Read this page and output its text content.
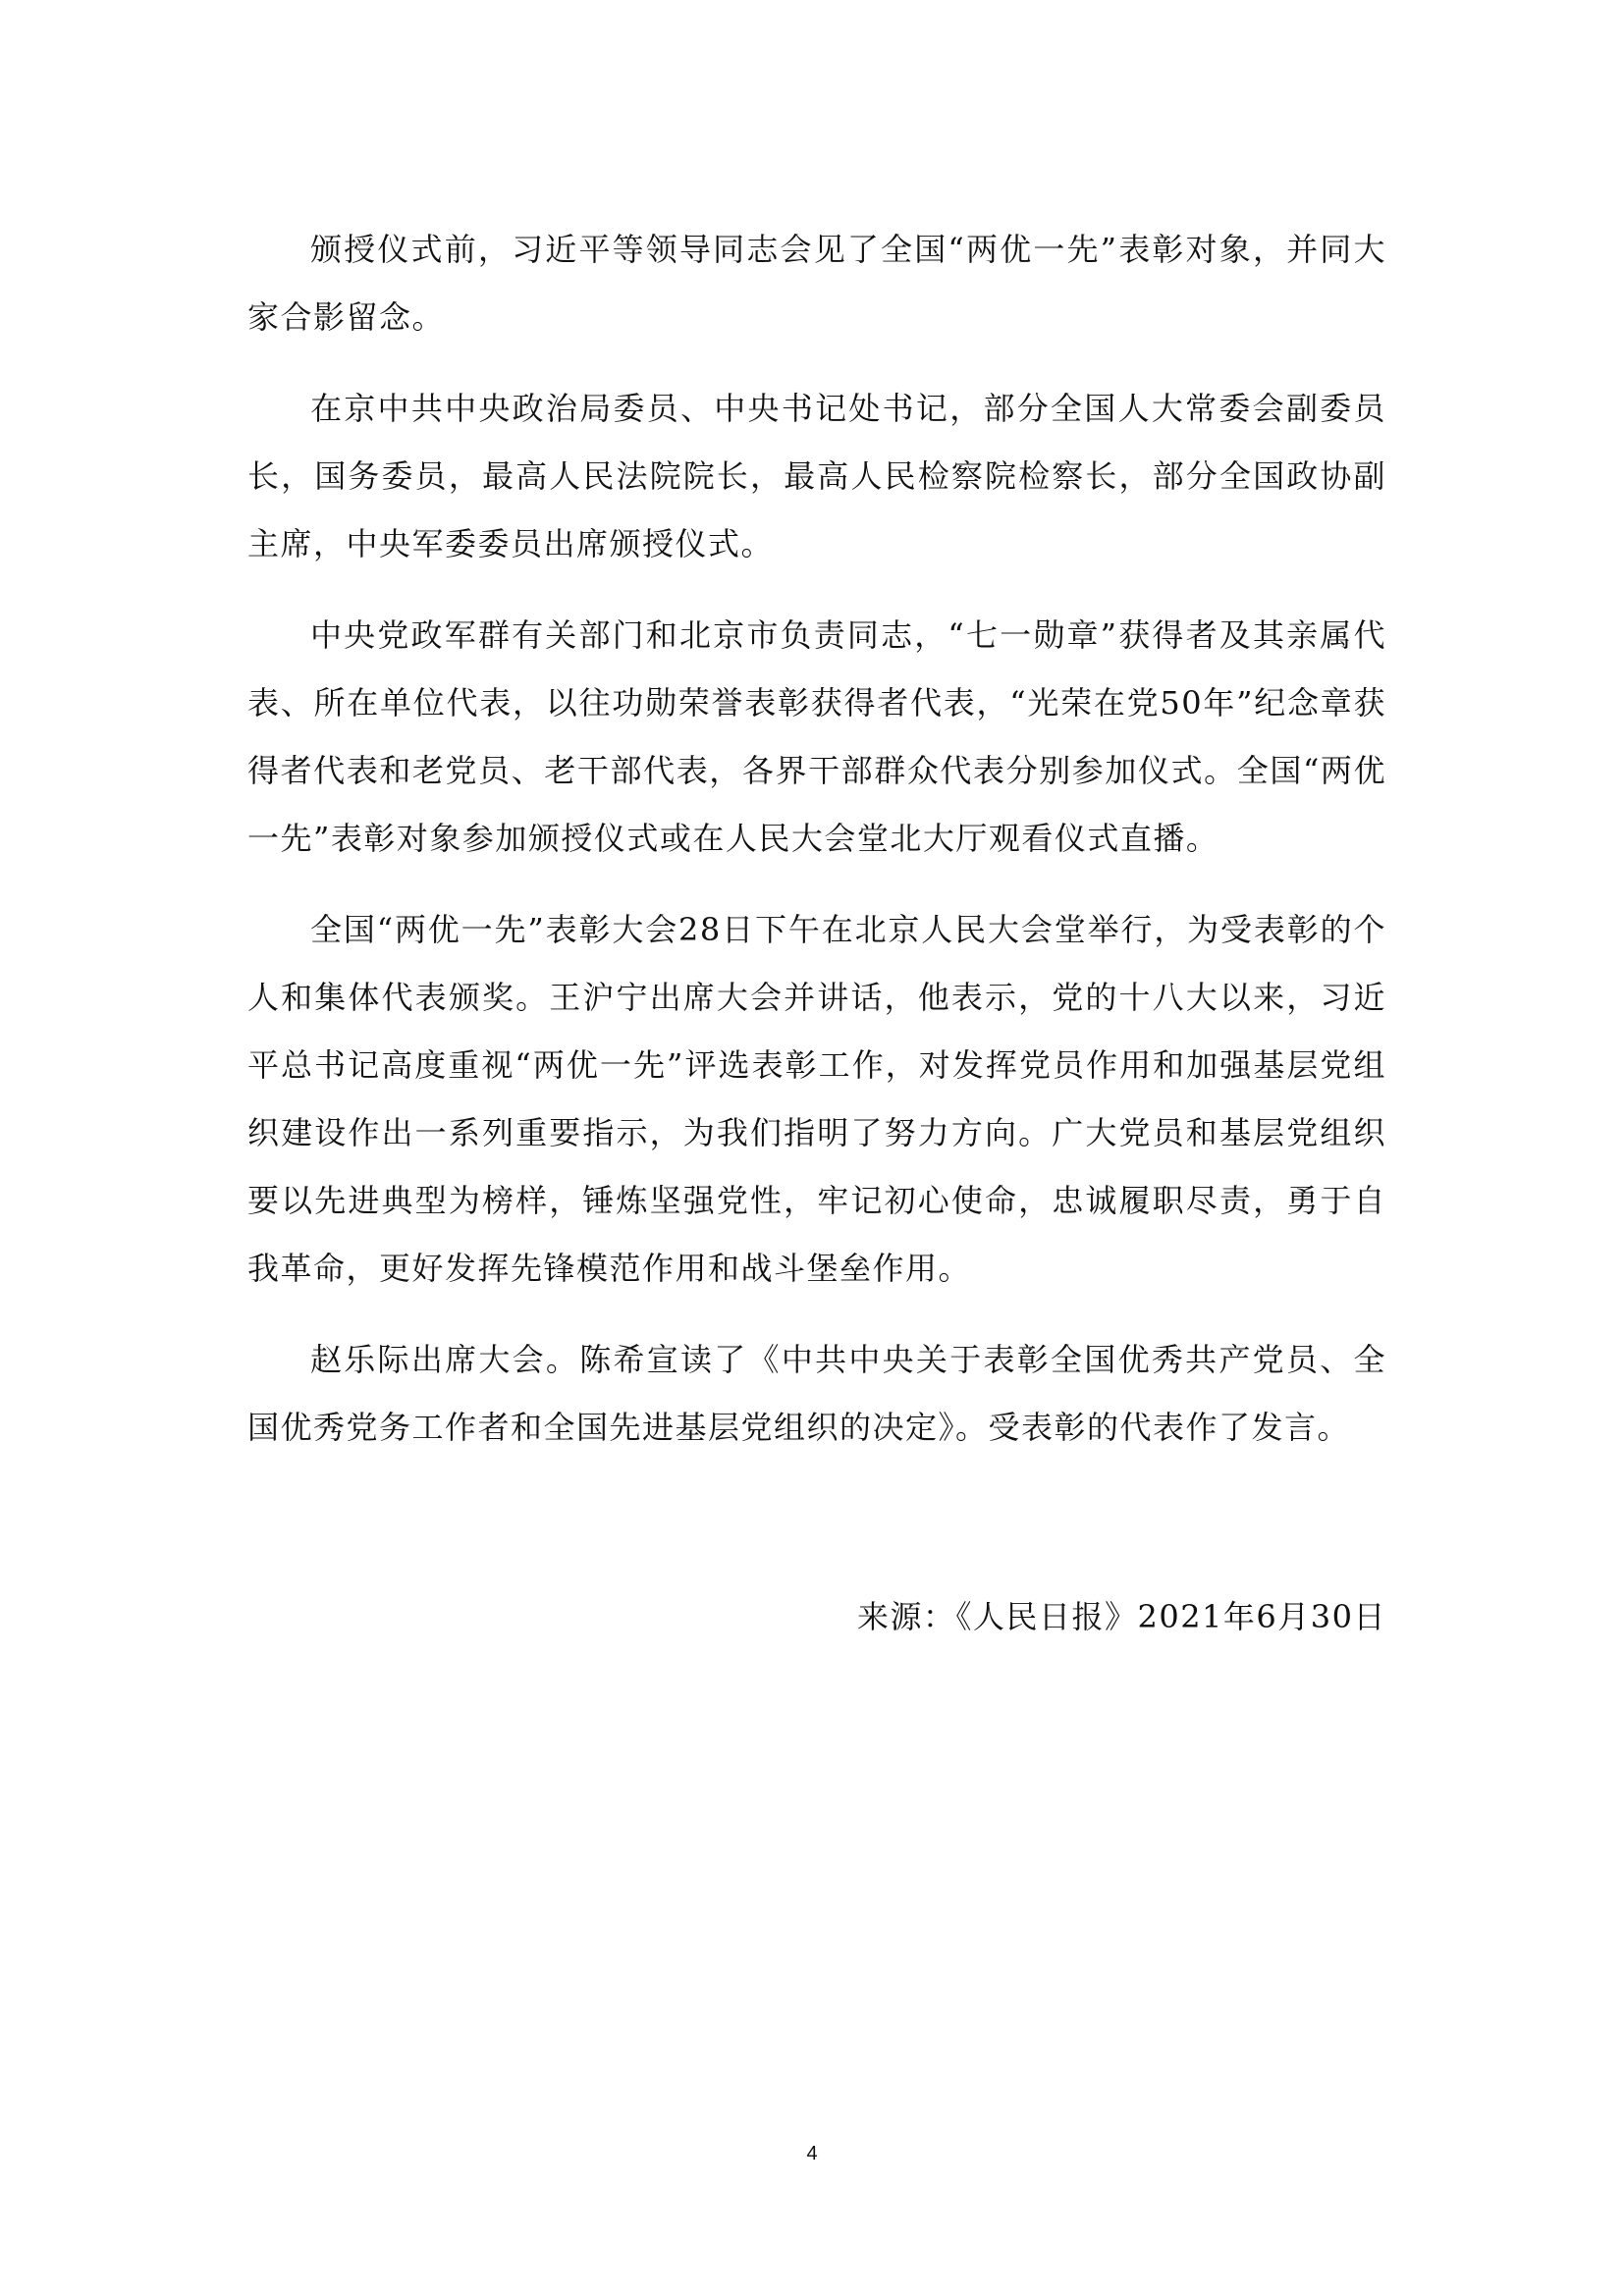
颁授仪式前，习近平等领导同志会见了全国“两优一先”表彰对象，并同大家合影留念。

在京中共中央政治局委员、中央书记处书记，部分全国人大常委会副委员长，国务委员，最高人民法院院长，最高人民检察院检察长，部分全国政协副主席，中央军委委员出席颁授仪式。

中央党政军群有关部门和北京市负责同志，“七一勋章”获得者及其亲属代表、所在单位代表，以往功勋荣誉表彰获得者代表，“光荣在党50年”纪念章获得者代表和老党员、老干部代表，各界干部群众代表分别参加仪式。全国“两优一先”表彰对象参加颁授仪式或在人民大会堂北大厅观看仪式直播。

全国“两优一先”表彰大会28日下午在北京人民大会堂举行，为受表彰的个人和集体代表颁奖。王沪宁出席大会并讲话，他表示，党的十八大以来，习近平总书记高度重视“两优一先”评选表彰工作，对发挥党员作用和加强基层党组织建设作出一系列重要指示，为我们指明了努力方向。广大党员和基层党组织要以先进典型为榜样，锤炼坚强党性，牢记初心使命，忠诚履职尽责，勇于自我革命，更好发挥先锋模范作用和战斗堡垒作用。

赵乐际出席大会。陈希宣读了《中共中央关于表彰全国优秀共产党员、全国优秀党务工作者和全国先进基层党组织的决定》。受表彰的代表作了发言。

来源：《人民日报》2021年6月30日
4
